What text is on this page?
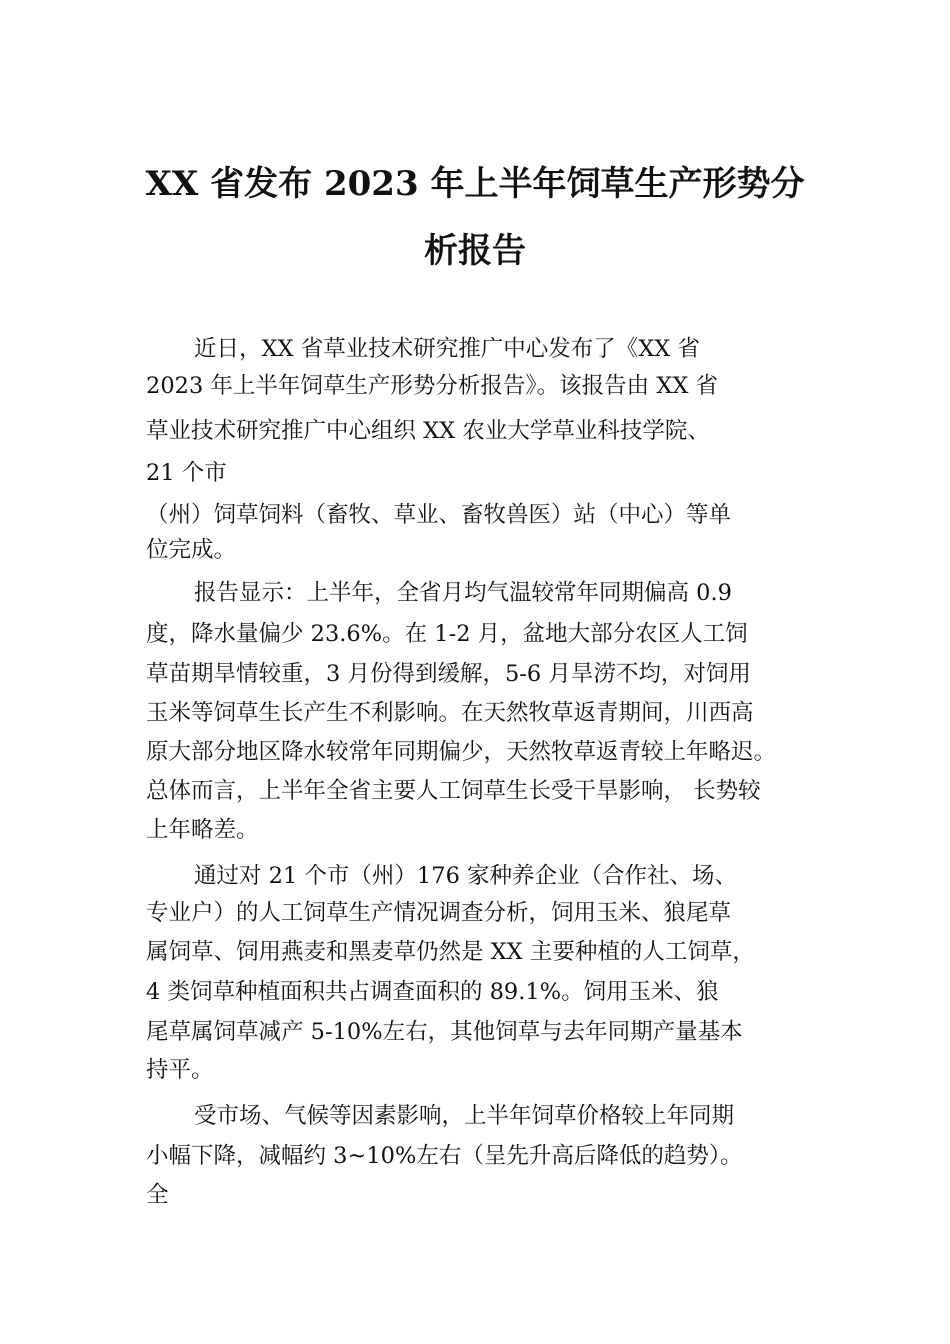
XX 省发布 2023 年上半年饲草生产形势分
析报告
近日，XX 省草业技术研究推广中心发布了《XX 省
2023 年上半年饲草生产形势分析报告》。该报告由 XX 省
草业技术研究推广中心组织 XX 农业大学草业科技学院、
21 个市
（州）饲草饲料（畜牧、草业、畜牧兽医）站（中心）等单
位完成。
报告显示：上半年，全省月均气温较常年同期偏高 0.9
度，降水量偏少 23.6%。在 1-2 月，盆地大部分农区人工饲
草苗期旱情较重，3 月份得到缓解，5-6 月旱涝不均，对饲用
玉米等饲草生长产生不利影响。在天然牧草返青期间，川西高
原大部分地区降水较常年同期偏少，天然牧草返青较上年略迟。
总体而言，上半年全省主要人工饲草生长受干旱影响， 长势较
上年略差。
通过对 21 个市（州）176 家种养企业（合作社、场、
专业户）的人工饲草生产情况调查分析，饲用玉米、狼尾草
属饲草、饲用燕麦和黑麦草仍然是 XX 主要种植的人工饲草，
4 类饲草种植面积共占调查面积的 89.1%。饲用玉米、狼
尾草属饲草减产 5-10%左右，其他饲草与去年同期产量基本
持平。
受市场、气候等因素影响，上半年饲草价格较上年同期
小幅下降，减幅约 3~10%左右（呈先升高后降低的趋势）。
全
